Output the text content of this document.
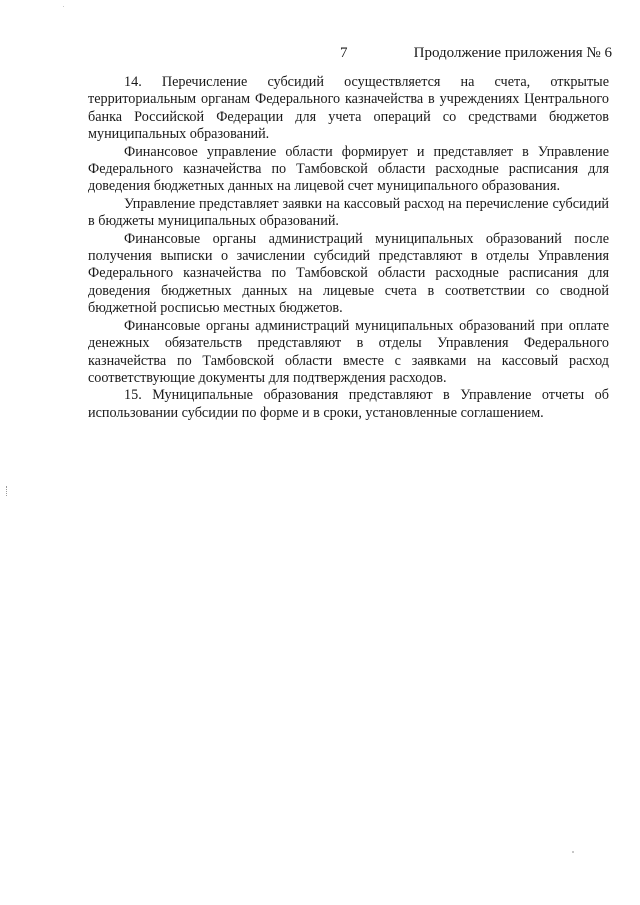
7	Продолжение приложения № 6

14. Перечисление субсидий осуществляется на счета, открытые территориальным органам Федерального казначейства в учреждениях Центрального банка Российской Федерации для учета операций со средствами бюджетов муниципальных образований.

Финансовое управление области формирует и представляет в Управление Федерального казначейства по Тамбовской области расходные расписания для доведения бюджетных данных на лицевой счет муниципального образования.

Управление представляет заявки на кассовый расход на перечисление субсидий в бюджеты муниципальных образований.

Финансовые органы администраций муниципальных образований после получения выписки о зачислении субсидий представляют в отделы Управления Федерального казначейства по Тамбовской области расходные расписания для доведения бюджетных данных на лицевые счета в соответствии со сводной бюджетной росписью местных бюджетов.

Финансовые органы администраций муниципальных образований при оплате денежных обязательств представляют в отделы Управления Федерального казначейства по Тамбовской области вместе с заявками на кассовый расход соответствующие документы для подтверждения расходов.

15. Муниципальные образования представляют в Управление отчеты об использовании субсидии по форме и в сроки, установленные соглашением.
